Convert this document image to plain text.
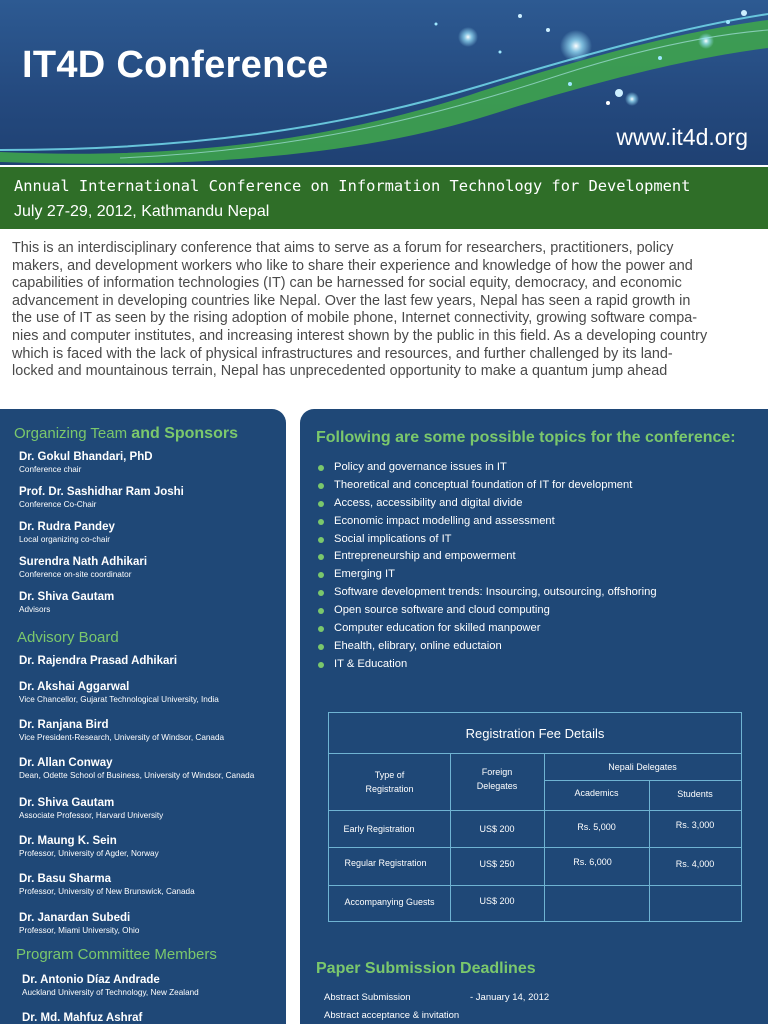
IT4D Conference
www.it4d.org
Annual International Conference on Information Technology for Development
July 27-29, 2012, Kathmandu Nepal
This is an interdisciplinary conference that aims to serve as a forum for researchers, practitioners, policy
makers, and development workers who like to share their experience and knowledge of how the power and
capabilities of information technologies (IT) can be harnessed for social equity, democracy, and economic
advancement in developing countries like Nepal. Over the last few years, Nepal has seen a rapid growth in
the use of IT as seen by the rising adoption of mobile phone, Internet connectivity, growing software compa-
nies and computer institutes, and increasing interest shown by the public in this field. As a developing country
which is faced with the lack of physical infrastructures and resources, and further challenged by its land-
locked and mountainous terrain, Nepal has unprecedented opportunity to make a quantum jump ahead
Organizing Team and Sponsors
Dr. Gokul Bhandari, PhD
Conference chair
Prof. Dr. Sashidhar Ram Joshi
Conference Co-Chair
Dr. Rudra Pandey
Local organizing co-chair
Surendra Nath Adhikari
Conference on-site coordinator
Dr. Shiva Gautam
Advisors
Advisory Board
Dr. Rajendra Prasad Adhikari
Dr. Akshai Aggarwal
Vice Chancellor, Gujarat Technological University, India
Dr. Ranjana Bird
Vice President-Research, University of Windsor, Canada
Dr. Allan Conway
Dean, Odette School of Business, University of Windsor, Canada
Dr. Shiva Gautam
Associate Professor, Harvard University
Dr. Maung K. Sein
Professor, University of Agder, Norway
Dr. Basu Sharma
Professor, University of New Brunswick, Canada
Dr. Janardan Subedi
Professor, Miami University, Ohio
Program Committee Members
Dr. Antonio Díaz Andrade
Auckland University of Technology, New Zealand
Dr. Md. Mahfuz Ashraf
Following are some possible topics for the conference:
Policy and governance issues in IT
Theoretical and conceptual foundation of IT for development
Access, accessibility and digital divide
Economic impact modelling and assessment
Social implications of IT
Entrepreneurship and empowerment
Emerging IT
Software development trends: Insourcing, outsourcing, offshoring
Open source software and cloud computing
Computer education for skilled manpower
Ehealth, elibrary, online eductaion
IT & Education
Registration Fee Details
Type of
Registration
Foreign
Delegates
Nepali Delegates
Academics	Students
Early Registration	US$ 200	Rs. 5,000	Rs. 3,000
Regular Registration	US$ 250	Rs. 6,000	Rs. 4,000
Accompanying Guests	US$ 200
Paper Submission Deadlines
Abstract Submission	- January 14, 2012
Abstract acceptance & invitation
